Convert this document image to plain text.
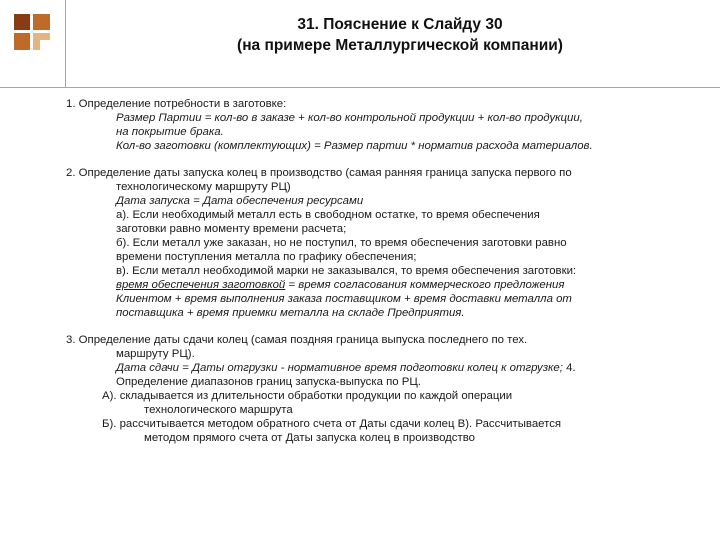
31. Пояснение к Слайду 30
(на примере Металлургической компании)

1. Определение потребности в заготовке:

Размер Партии = кол-во в заказе + кол-во контрольной продукции + кол-во продукции,

на покрытие брака.

Кол-во заготовки (комплектующих) = Размер партии * норматив расхода материалов.

2. Определение даты запуска колец в производство (самая ранняя граница запуска первого по

технологическому маршруту РЦ)

Дата запуска = Дата обеспечения ресурсами

а). Если необходимый металл есть в свободном остатке, то время обеспечения

заготовки равно моменту времени расчета;

б). Если металл уже заказан, но не поступил, то время обеспечения заготовки равно

времени поступления металла по графику обеспечения;

в). Если металл необходимой марки не заказывался, то время обеспечения заготовки:

время обеспечения заготовкой = время согласования коммерческого предложения

Клиентом + время выполнения заказа поставщиком + время доставки металла от

поставщика + время приемки металла на складе Предприятия.

3. Определение даты сдачи колец (самая поздняя граница выпуска последнего по тех.

маршруту РЦ).

Дата сдачи = Даты отгрузки - нормативное время подготовки колец к отгрузке; 4.

Определение диапазонов границ запуска-выпуска по РЦ.

А). складывается из длительности обработки продукции по каждой операции

технологического маршрута

Б). рассчитывается методом обратного счета от Даты сдачи колец В). Рассчитывается

методом прямого счета от Даты запуска колец в производство
